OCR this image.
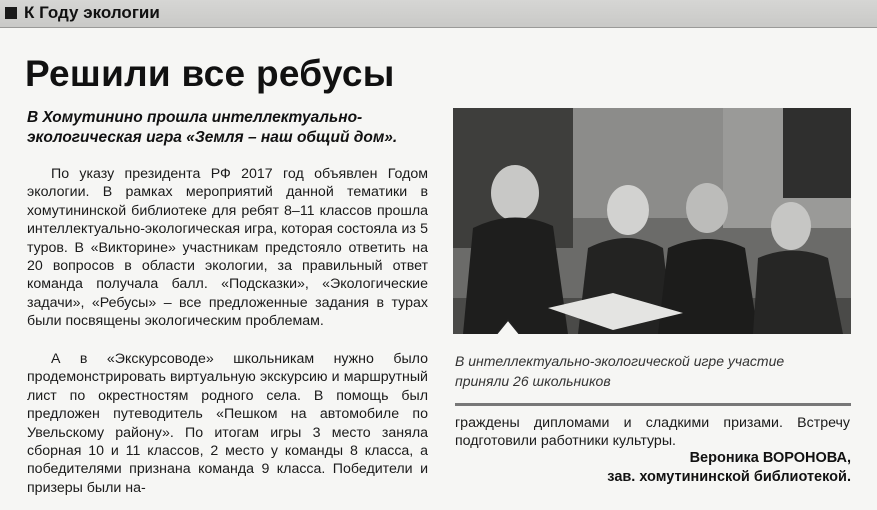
К Году экологии
Решили все ребусы
В Хомутинино прошла интеллектуально-экологическая игра «Земля – наш общий дом».
По указу президента РФ 2017 год объявлен Годом экологии. В рамках мероприятий данной тематики в хомутининской библиотеке для ребят 8–11 классов прошла интеллектуально-экологическая игра, которая состояла из 5 туров. В «Викторине» участникам предстояло ответить на 20 вопросов в области экологии, за правильный ответ команда получала балл. «Подсказки», «Экологические задачи», «Ребусы» – все предложенные задания в турах были посвящены экологическим проблемам.
А в «Экскурсоводе» школьникам нужно было продемонстрировать виртуальную экскурсию и маршрутный лист по окрестностям родного села. В помощь был предложен путеводитель «Пешком на автомобиле по Увельскому району». По итогам игры 3 место заняла сборная 10 и 11 классов, 2 место у команды 8 класса, а победителями признана команда 9 класса. Победители и призеры были на-
В интеллектуально-экологической игре участие приняли 26 школьников
граждены дипломами и сладкими призами. Встречу подготовили работники культуры.
Вероника ВОРОНОВА,
зав. хомутининской библиотекой.
